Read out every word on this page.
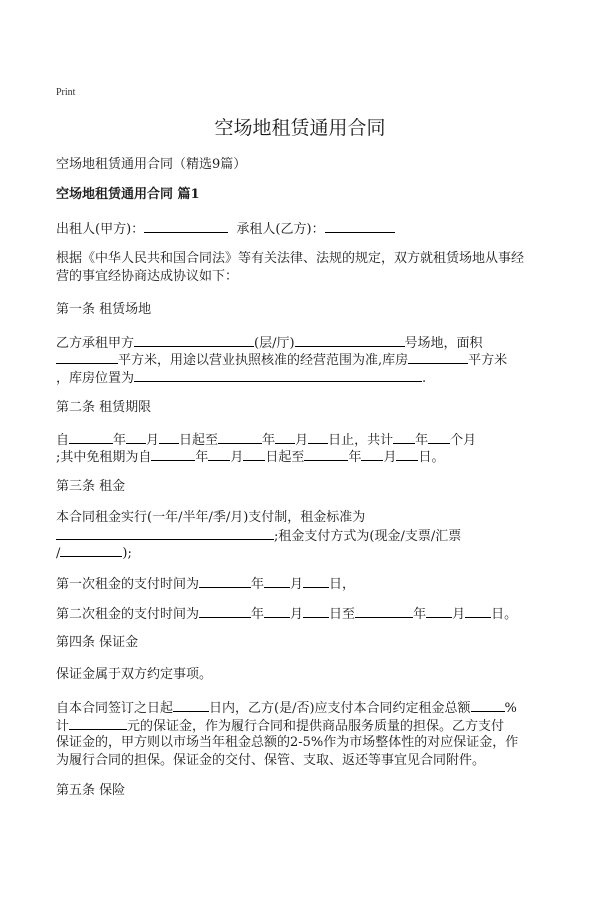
Print
空场地租赁通用合同
空场地租赁通用合同（精选9篇）
空场地租赁通用合同 篇1
出租人(甲方)：	承租人(乙方)：
根据《中华人民共和国合同法》等有关法律、法规的规定，双方就租赁场地从事经
营的事宜经协商达成协议如下：
第一条 租赁场地
乙方承租甲方	(层/厅)	号场地，面积
平方米，用途以营业执照核准的经营范围为准,库房	平方米
，库房位置为	.
第二条 租赁期限
自	年 月 日起至	年 月 日止，共计 年 个月
;其中免租期为自	年 月 日起至	年 月 日。
第三条 租金
本合同租金实行(一年/半年/季/月)支付制，租金标准为
;租金支付方式为(现金/支票/汇票
/	);
第一次租金的支付时间为	年 月 日，
第二次租金的支付时间为	年 月 日至	年 月 日。
第四条 保证金
保证金属于双方约定事项。
自本合同签订之日起	日内，乙方(是/否)应支付本合同约定租金总额	%
计	元的保证金，作为履行合同和提供商品服务质量的担保。乙方支付
保证金的，甲方则以市场当年租金总额的2-5%作为市场整体性的对应保证金，作
为履行合同的担保。保证金的交付、保管、支取、返还等事宜见合同附件。
第五条 保险
